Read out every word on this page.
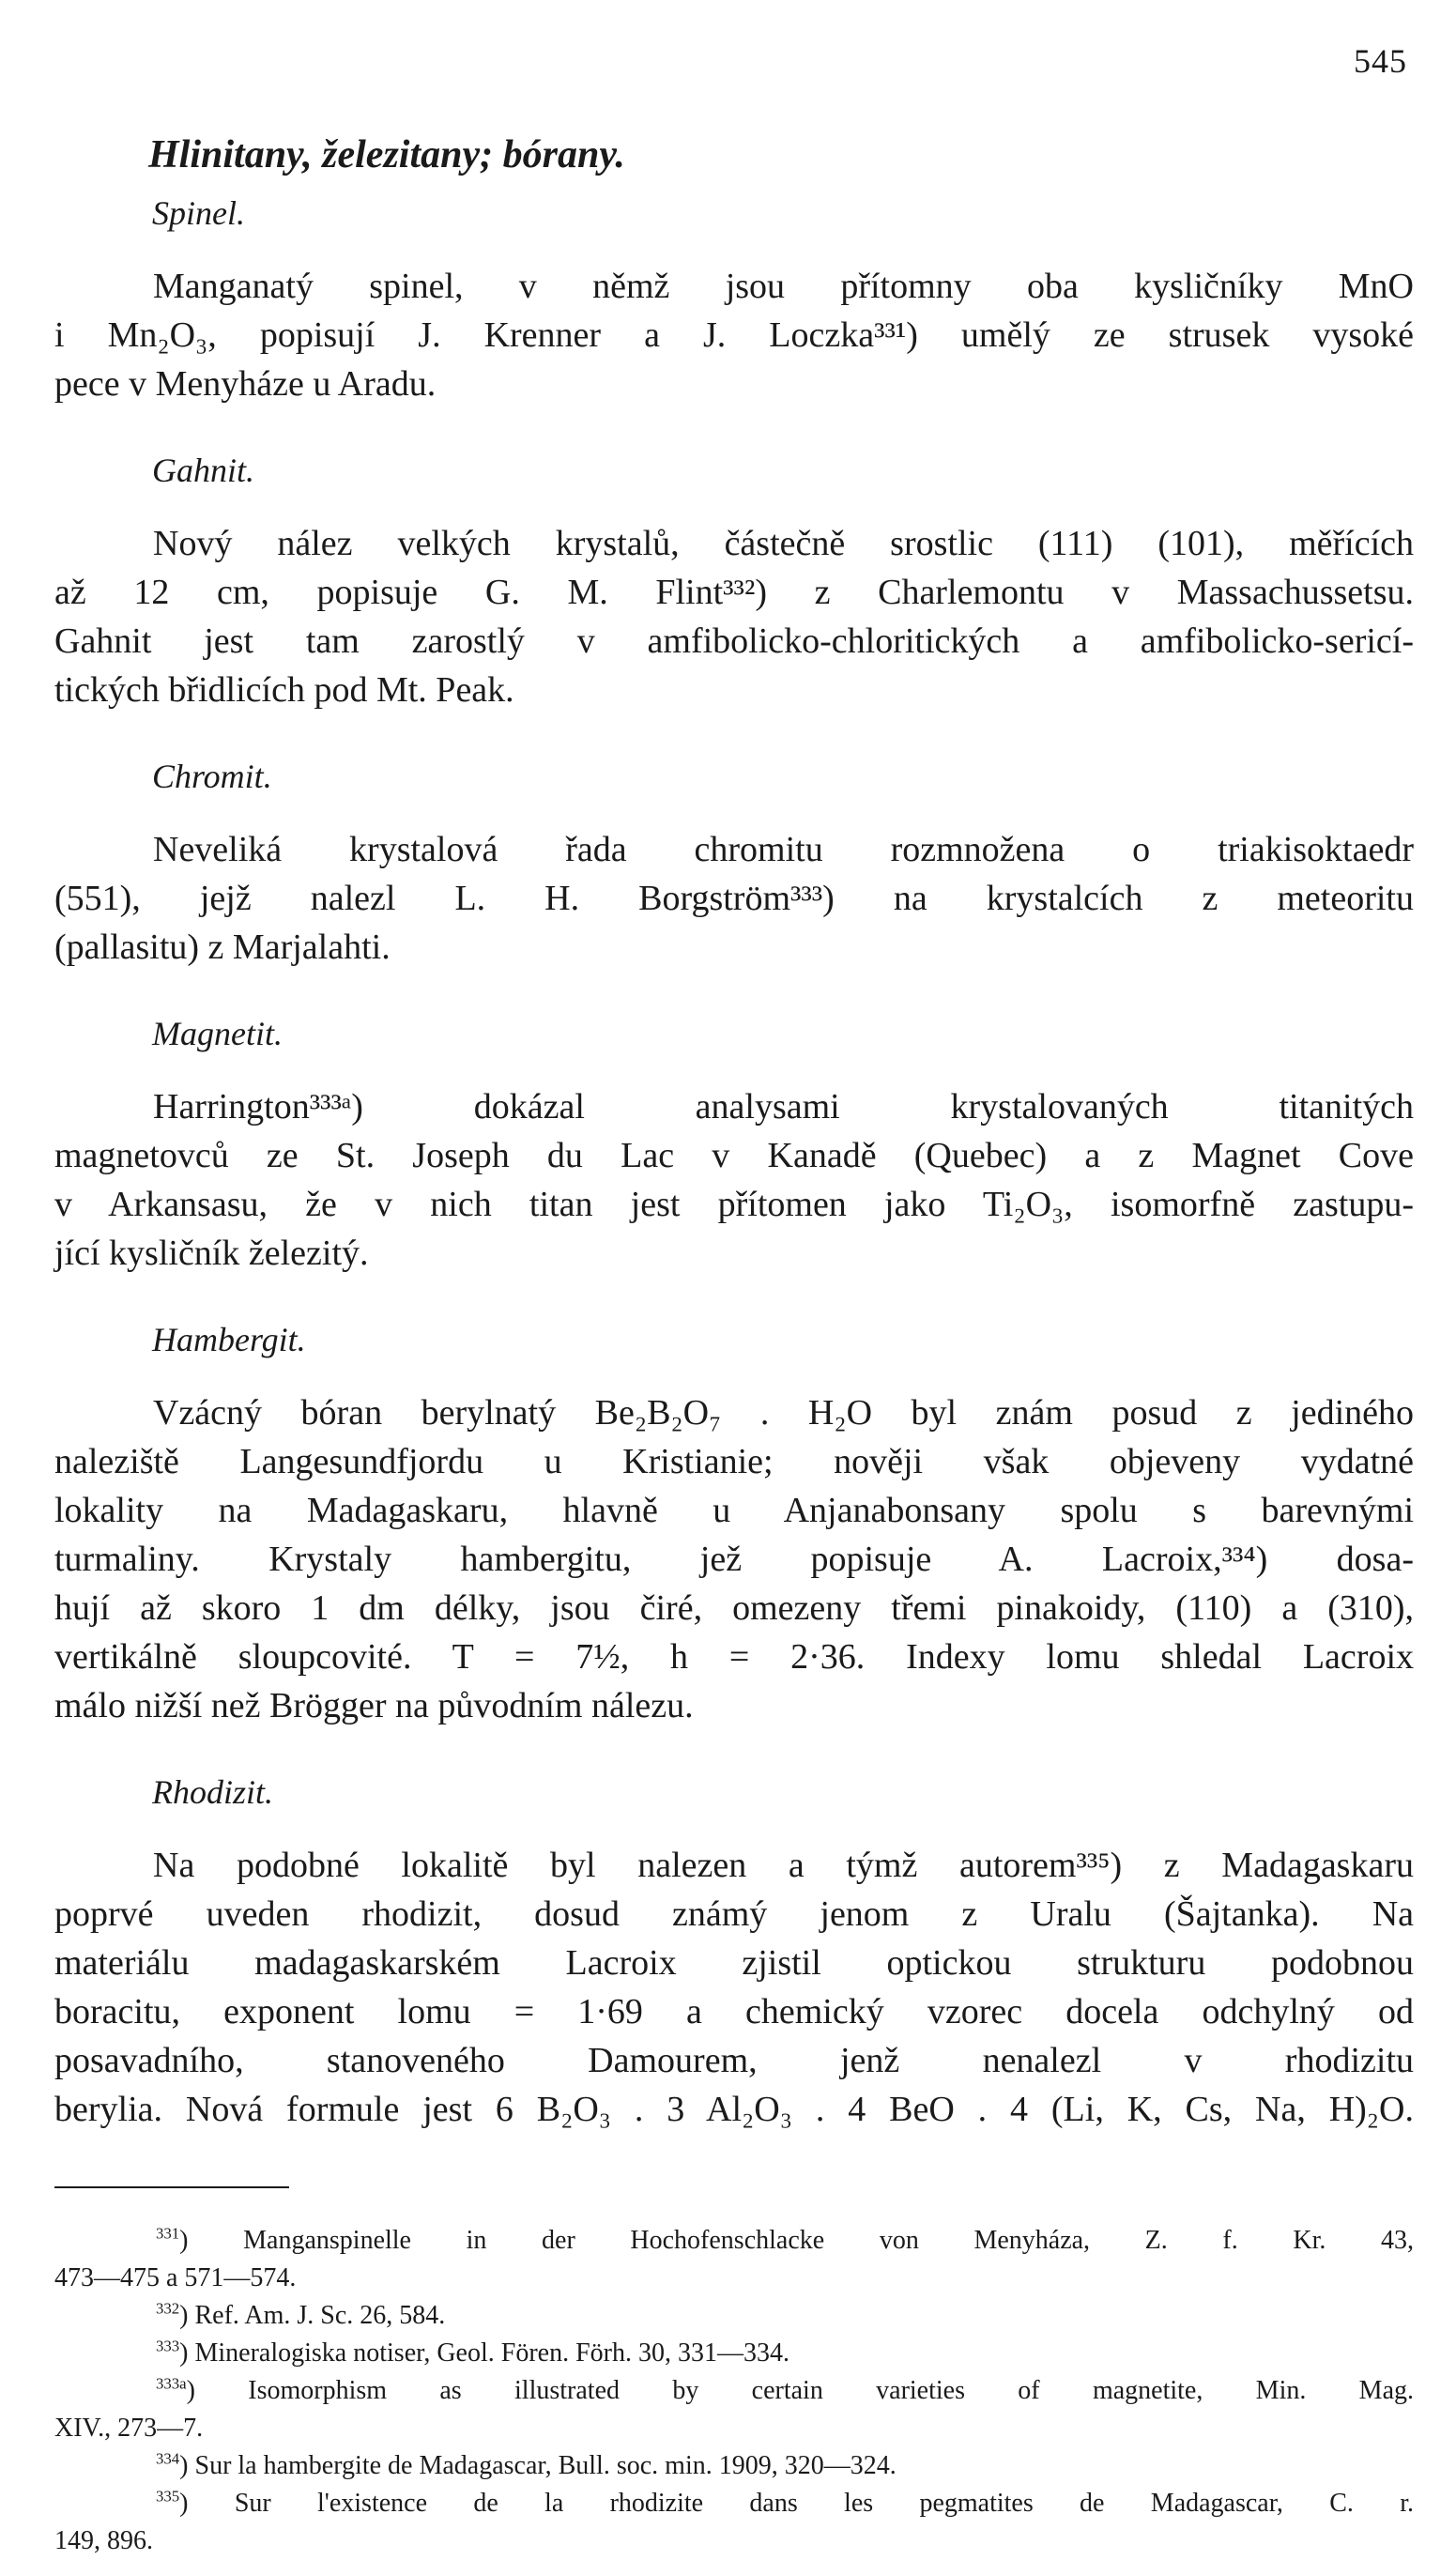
545
Hlinitany, železitany; bórany.
Spinel.
Manganatý spinel, v němž jsou přítomny oba kysličníky MnO
i Mn₂O₃, popisují J. Krenner a J. Loczka³³¹) umělý ze strusek vysoké
pece v Menyháze u Aradu.
Gahnit.
Nový nález velkých krystalů, částečně srostlic (111) (101), měřících
až 12 cm, popisuje G. M. Flint³³²) z Charlemontu v Massachussetsu.
Gahnit jest tam zarostlý v amfibolicko-chloritických a amfibolicko-sericí-
tických břidlicích pod Mt. Peak.
Chromit.
Neveliká krystalová řada chromitu rozmnožena o triakisoktaedr
(551), jejž nalezl L. H. Borgström³³³) na krystalcích z meteoritu
(pallasitu) z Marjalahti.
Magnetit.
Harrington³³³ᵃ) dokázal analysami krystalovaných titanitých
magnetovců ze St. Joseph du Lac v Kanadě (Quebec) a z Magnet Cove
v Arkansasu, že v nich titan jest přítomen jako Ti₂O₃, isomorfně zastupu-
jící kysličník železitý.
Hambergit.
Vzácný bóran berylnatý Be₂B₂O₇ . H₂O byl znám posud z jediného
naleziště Langesundfjordu u Kristianie; nověji však objeveny vydatné
lokality na Madagaskaru, hlavně u Anjanabonsany spolu s barevnými
turmaliny. Krystaly hambergitu, jež popisuje A. Lacroix,³³⁴) dosa-
hují až skoro 1 dm délky, jsou čiré, omezeny třemi pinakoidy, (110) a (310),
vertikálně sloupcovité. T = 7½, h = 2·36. Indexy lomu shledal Lacroix
málo nižší než Brögger na původním nálezu.
Rhodizit.
Na podobné lokalitě byl nalezen a týmž autorem³³⁵) z Madagaskaru
poprvé uveden rhodizit, dosud známý jenom z Uralu (Šajtanka). Na
materiálu madagaskarském Lacroix zjistil optickou strukturu podobnou
boracitu, exponent lomu = 1·69 a chemický vzorec docela odchylný od
posavadního, stanoveného Damourem, jenž nenalezl v rhodizitu
berylia. Nová formule jest 6 B₂O₃ . 3 Al₂O₃ . 4 BeO . 4 (Li, K, Cs, Na, H)₂O.
$^{331}$) Manganspinelle in der Hochofenschlacke von Menyháza, Z. f. Kr. 43,
473—475 a 571—574.
$^{332}$) Ref. Am. J. Sc. 26, 584.
$^{333}$) Mineralogiska notiser, Geol. Fören. Förh. 30, 331—334.
$^{333a}$) Isomorphism as illustrated by certain varieties of magnetite, Min. Mag.
XIV., 273—7.
$^{334}$) Sur la hambergite de Madagascar, Bull. soc. min. 1909, 320—324.
$^{335}$) Sur l'existence de la rhodizite dans les pegmatites de Madagascar, C. r.
149, 896.
